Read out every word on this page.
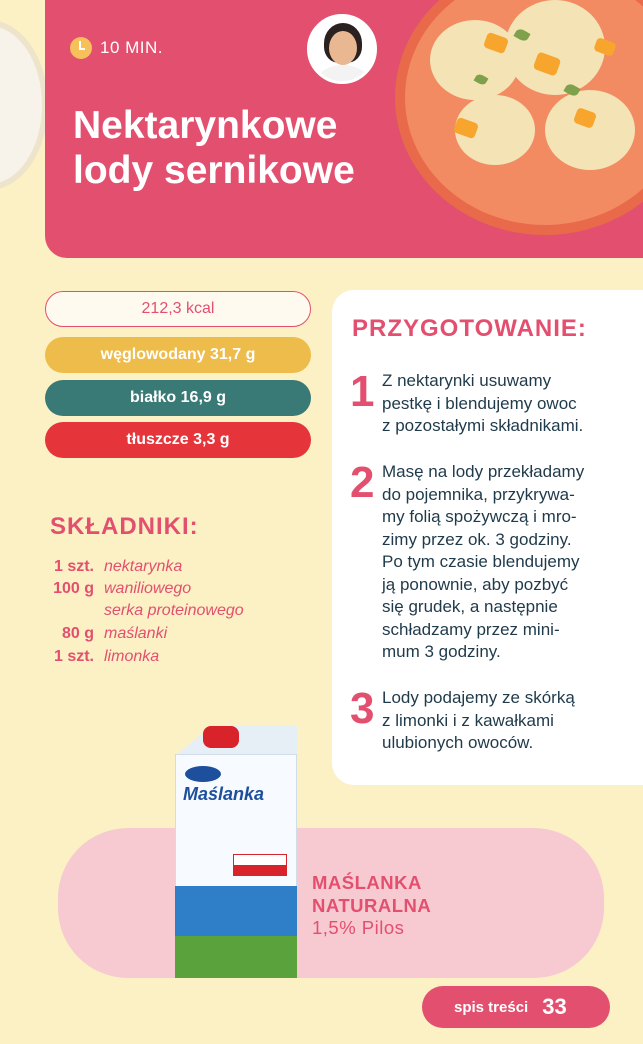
10 MIN.
Nektarynkowe
lody sernikowe
212,3 kcal
węglowodany 31,7 g
białko 16,9 g
tłuszcze 3,3 g
SKŁADNIKI:
1 szt. nektarynka
100 g waniliowego
serka proteinowego
80 g maślanki
1 szt. limonka
PRZYGOTOWANIE:
1 Z nektarynki usuwamy
pestkę i blendujemy owoc
z pozostałymi składnikami.
2 Masę na lody przekładamy
do pojemnika, przykrywa-
my folią spożywczą i mro-
zimy przez ok. 3 godziny.
Po tym czasie blendujemy
ją ponownie, aby pozbyć
się grudek, a następnie
schładzamy przez mini-
mum 3 godziny.
3 Lody podajemy ze skórką
z limonki i z kawałkami
ulubionych owoców.
Maślanka
MAŚLANKA
NATURALNA
1,5% Pilos
spis treści 33
